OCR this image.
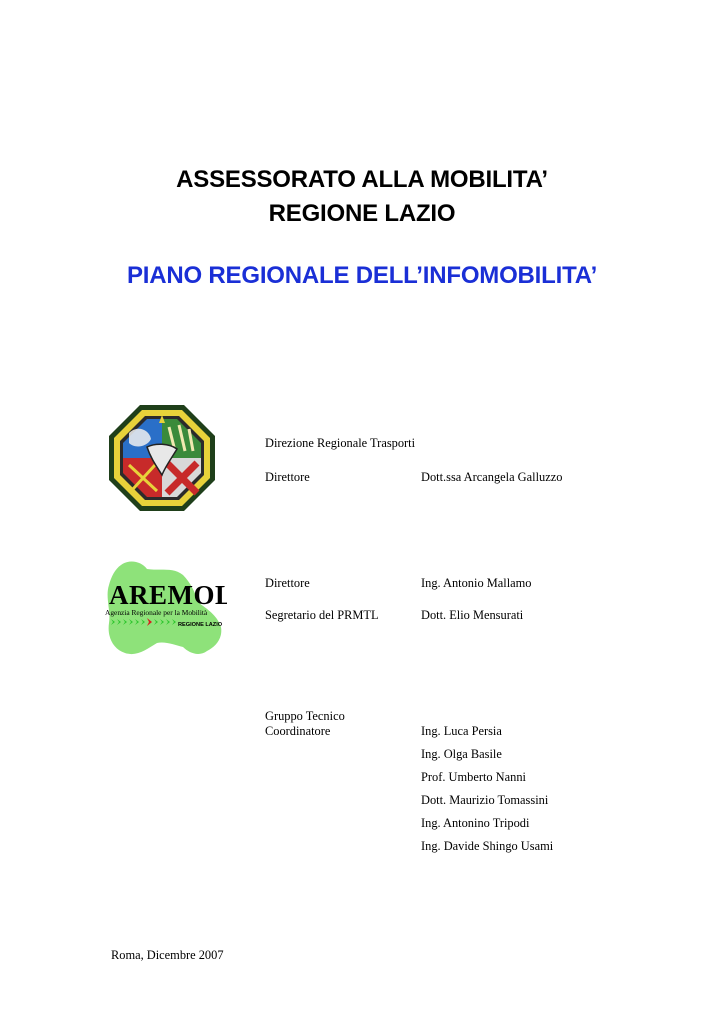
ASSESSORATO ALLA MOBILITA’
REGIONE LAZIO
PIANO REGIONALE DELL’INFOMOBILITA’
AREMOL
Agenzia Regionale per la Mobilità
REGIONE LAZIO
Direzione Regionale Trasporti
Direttore	Dott.ssa Arcangela Galluzzo
Direttore	Ing. Antonio Mallamo
Segretario del PRMTL	Dott. Elio Mensurati
Gruppo Tecnico
Coordinatore	Ing. Luca Persia
Ing. Olga Basile
Prof. Umberto Nanni
Dott. Maurizio Tomassini
Ing. Antonino Tripodi
Ing. Davide Shingo Usami
Roma, Dicembre 2007
